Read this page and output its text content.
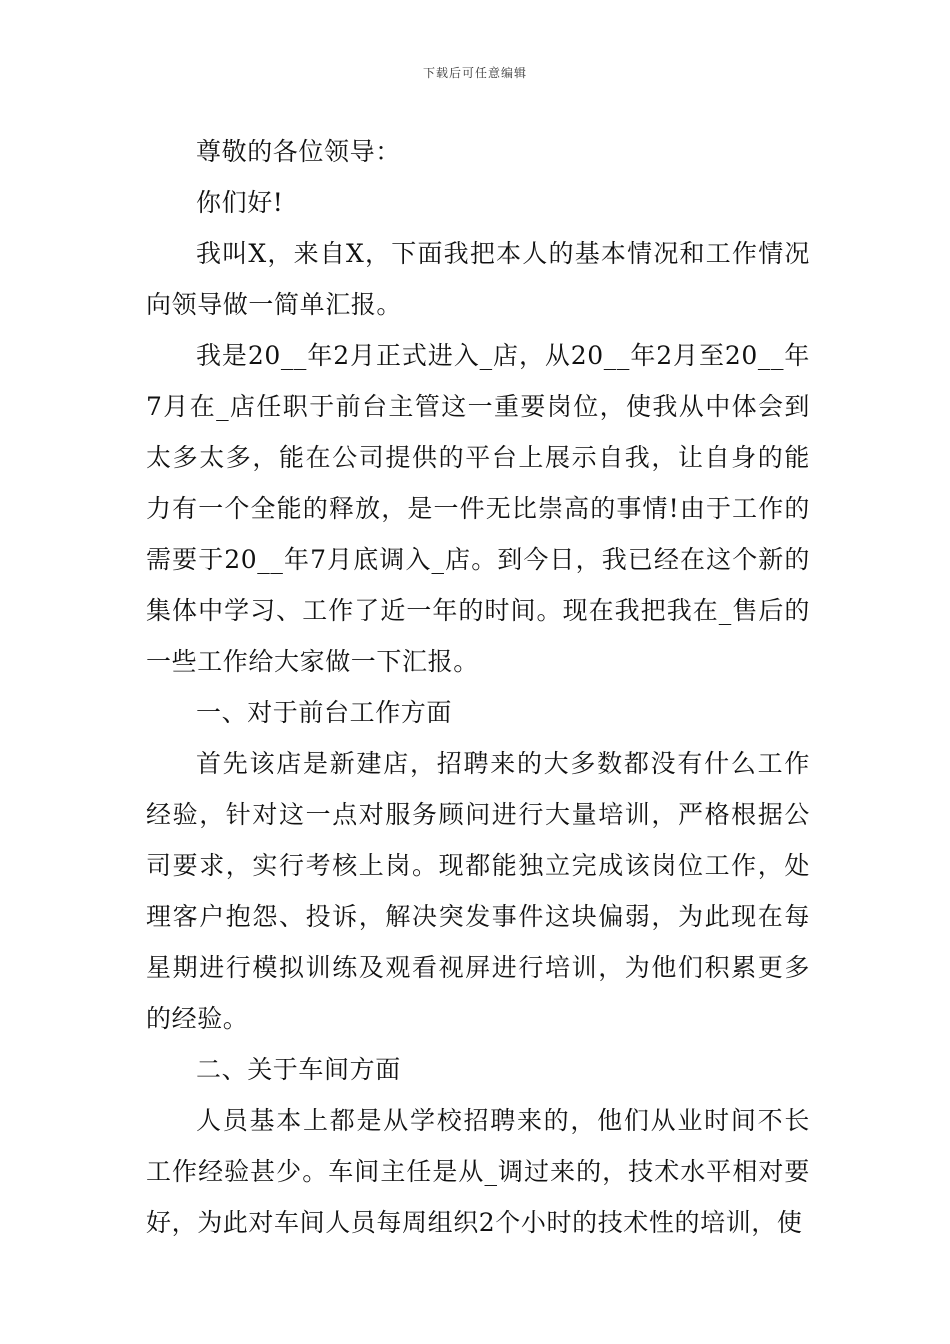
下载后可任意编辑

尊敬的各位领导：

你们好!

我叫X，来自X，下面我把本人的基本情况和工作情况向领导做一简单汇报。

我是20__年2月正式进入_店，从20__年2月至20__年7月在_店任职于前台主管这一重要岗位，使我从中体会到太多太多，能在公司提供的平台上展示自我，让自身的能力有一个全能的释放，是一件无比崇高的事情!由于工作的需要于20__年7月底调入_店。到今日，我已经在这个新的集体中学习、工作了近一年的时间。现在我把我在_售后的一些工作给大家做一下汇报。

一、对于前台工作方面

首先该店是新建店，招聘来的大多数都没有什么工作经验，针对这一点对服务顾问进行大量培训，严格根据公司要求，实行考核上岗。现都能独立完成该岗位工作，处理客户抱怨、投诉，解决突发事件这块偏弱，为此现在每星期进行模拟训练及观看视屏进行培训，为他们积累更多的经验。

二、关于车间方面

人员基本上都是从学校招聘来的，他们从业时间不长工作经验甚少。车间主任是从_调过来的，技术水平相对要好，为此对车间人员每周组织2个小时的技术性的培训，使
